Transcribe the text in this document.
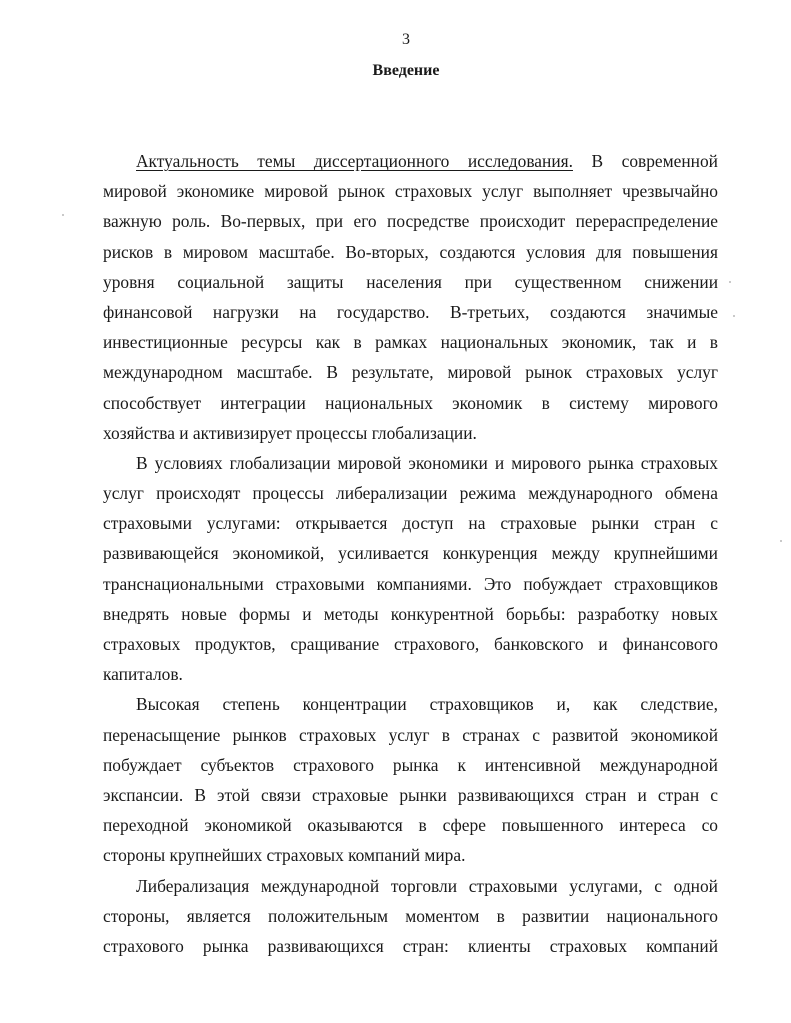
3
Введение
Актуальность темы диссертационного исследования. В современной
мировой экономике мировой рынок страховых услуг выполняет чрезвычайно
важную роль. Во-первых, при его посредстве происходит перераспределение
рисков в мировом масштабе. Во-вторых, создаются условия для повышения
уровня социальной защиты населения при существенном снижении
финансовой нагрузки на государство. В-третьих, создаются значимые
инвестиционные ресурсы как в рамках национальных экономик, так и в
международном масштабе. В результате, мировой рынок страховых услуг
способствует интеграции национальных экономик в систему мирового
хозяйства и активизирует процессы глобализации.
В условиях глобализации мировой экономики и мирового рынка страховых
услуг происходят процессы либерализации режима международного обмена
страховыми услугами: открывается доступ на страховые рынки стран с
развивающейся экономикой, усиливается конкуренция между крупнейшими
транснациональными страховыми компаниями. Это побуждает страховщиков
внедрять новые формы и методы конкурентной борьбы: разработку новых
страховых продуктов, сращивание страхового, банковского и финансового
капиталов.
Высокая степень концентрации страховщиков и, как следствие,
перенасыщение рынков страховых услуг в странах с развитой экономикой
побуждает субъектов страхового рынка к интенсивной международной
экспансии. В этой связи страховые рынки развивающихся стран и стран с
переходной экономикой оказываются в сфере повышенного интереса со
стороны крупнейших страховых компаний мира.
Либерализация международной торговли страховыми услугами, с одной
стороны, является положительным моментом в развитии национального
страхового рынка развивающихся стран: клиенты страховых компаний
